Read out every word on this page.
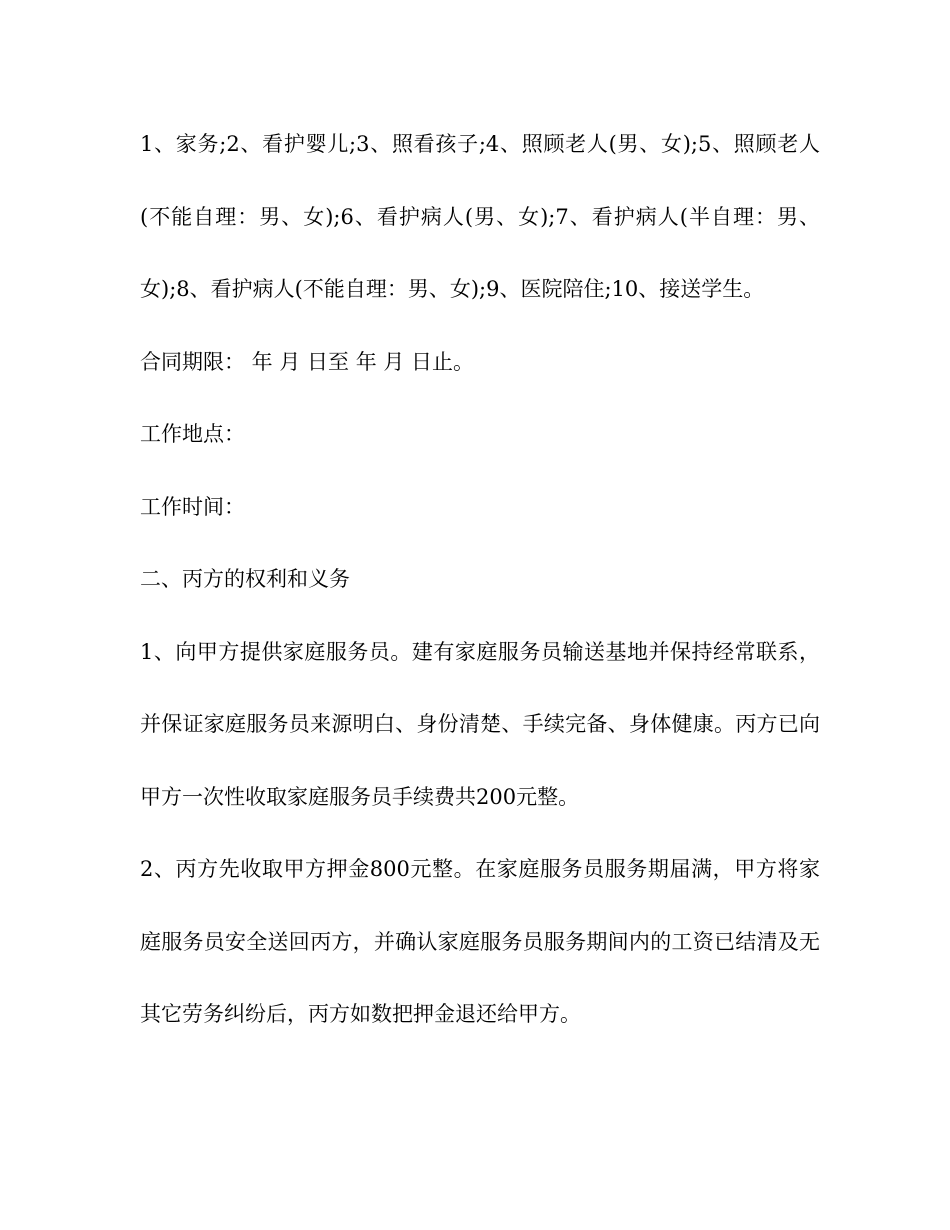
1、家务;2、看护婴儿;3、照看孩子;4、照顾老人(男、女);5、照顾老人(不能自理：男、女);6、看护病人(男、女);7、看护病人(半自理：男、女);8、看护病人(不能自理：男、女);9、医院陪住;10、接送学生。

合同期限： 年 月 日至 年 月 日止。

工作地点：

工作时间：

二、丙方的权利和义务

1、向甲方提供家庭服务员。建有家庭服务员输送基地并保持经常联系，并保证家庭服务员来源明白、身份清楚、手续完备、身体健康。丙方已向甲方一次性收取家庭服务员手续费共200元整。

2、丙方先收取甲方押金800元整。在家庭服务员服务期届满，甲方将家庭服务员安全送回丙方，并确认家庭服务员服务期间内的工资已结清及无其它劳务纠纷后，丙方如数把押金退还给甲方。
